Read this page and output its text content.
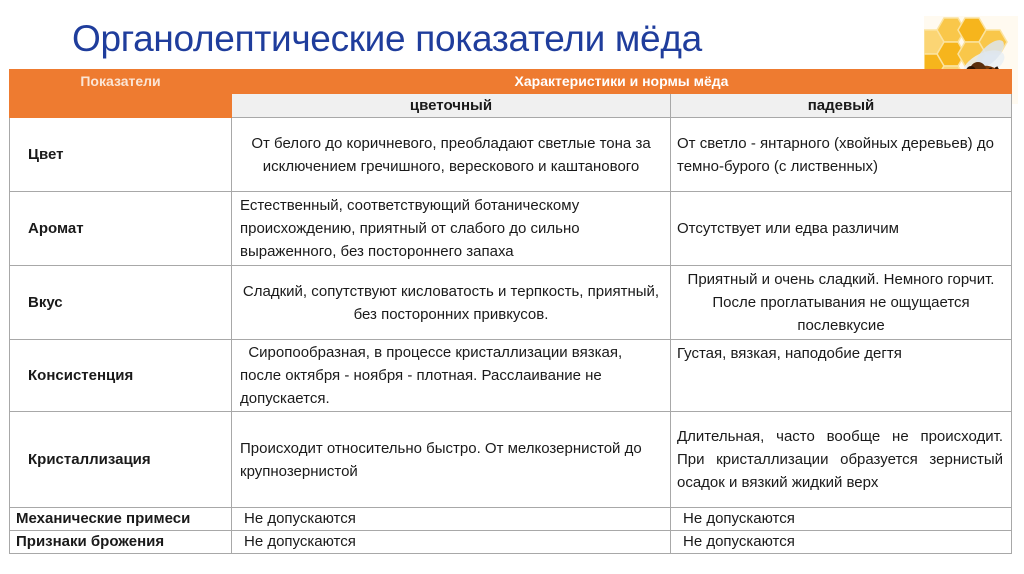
Органолептические показатели мёда
Показатели	Характеристики и нормы мёда	
	цветочный	падевый
Цвет	От белого до коричневого, преобладают светлые тона за исключением гречишного, верескового и каштанового	От светло - янтарного (хвойных деревьев) до темно-бурого (с лиственных)
Аромат	Естественный, соответствующий ботаническому происхождению, приятный от слабого до сильно выраженного, без постороннего запаха	Отсутствует или едва различим
Вкус	Сладкий, сопутствуют кисловатость и терпкость, приятный, без посторонних привкусов.	Приятный и очень сладкий. Немного горчит. После проглатывания не ощущается послевкусие
Консистенция	Сиропообразная, в процессе кристаллизации вязкая, после октября - ноября - плотная. Расслаивание не допускается.	Густая, вязкая, наподобие дегтя
Кристаллизация	Происходит относительно быстро. От мелкозернистой до крупнозернистой	Длительная, часто вообще не происходит. При кристаллизации образуется зернистый осадок и вязкий жидкий верх
Механические примеси	Не допускаются	Не допускаются
Признаки брожения	Не допускаются	Не допускаются
